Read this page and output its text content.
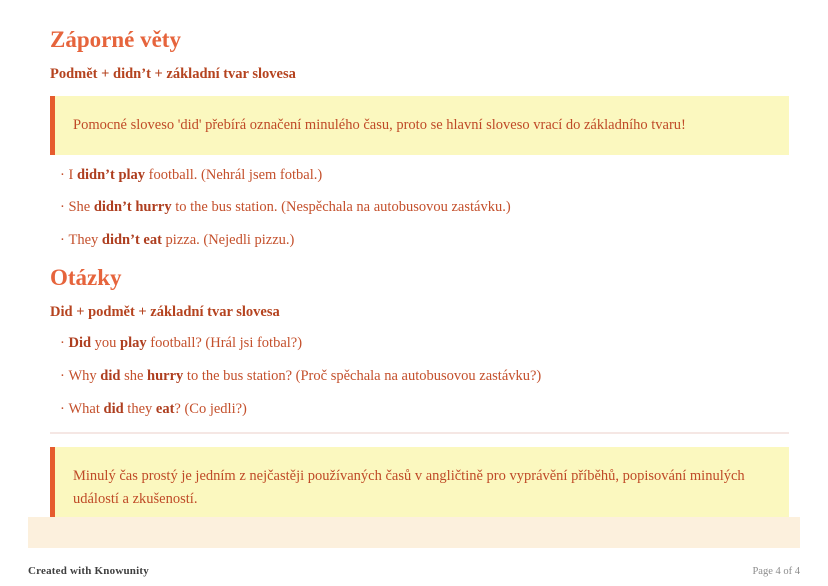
Záporné věty
Podmět + didn’t + základní tvar slovesa
Pomocné sloveso 'did' přebírá označení minulého času, proto se hlavní sloveso vrací do základního tvaru!
· I didn’t play football. (Nehrál jsem fotbal.)
· She didn’t hurry to the bus station. (Nespěchala na autobusovou zastávku.)
· They didn’t eat pizza. (Nejedli pizzu.)
Otázky
Did + podmět + základní tvar slovesa
· Did you play football? (Hrál jsi fotbal?)
· Why did she hurry to the bus station? (Proč spěchala na autobusovou zastávku?)
· What did they eat? (Co jedli?)
Minulý čas prostý je jedním z nejčastěji používaných časů v angličtině pro vyprávění příběhů, popisování minulých událostí a zkušeností.
Created with Knowunity	Page 4 of 4
